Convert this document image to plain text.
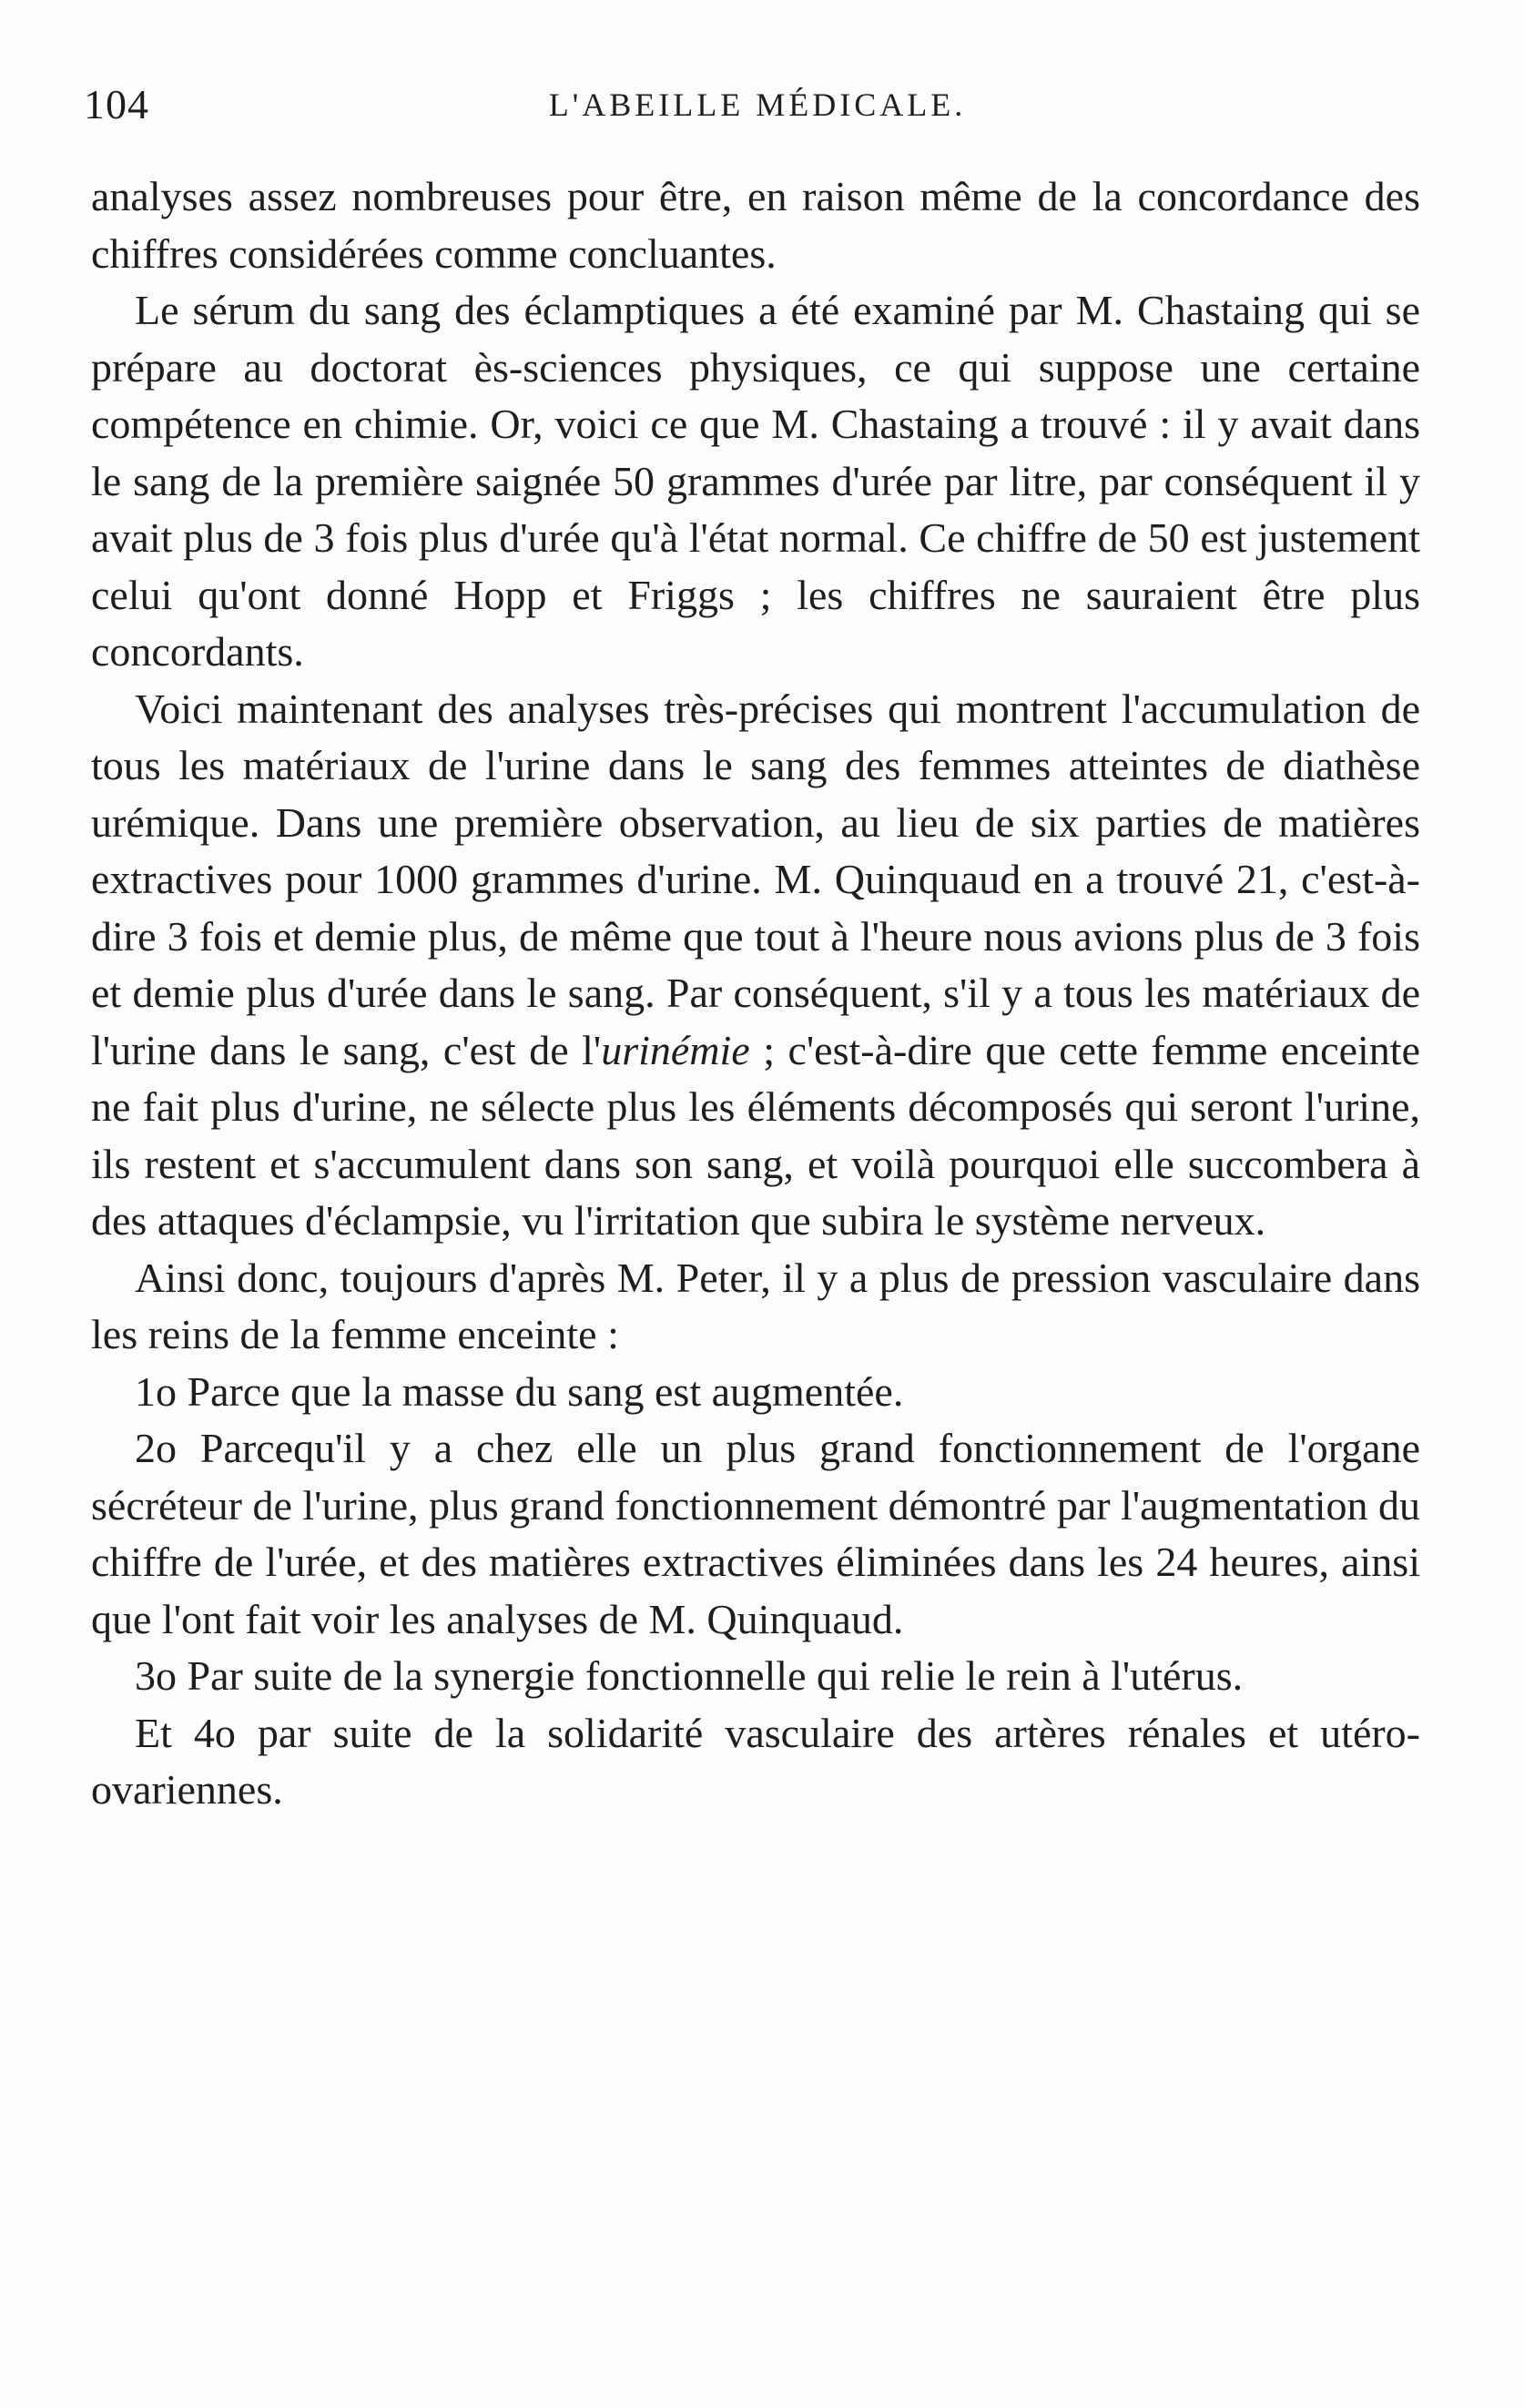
104	L'ABEILLE MÉDICALE.

analyses assez nombreuses pour être, en raison même de la concordance des chiffres considérées comme concluantes.

Le sérum du sang des éclamptiques a été examiné par M. Chastaing qui se prépare au doctorat ès-sciences physiques, ce qui suppose une certaine compétence en chimie. Or, voici ce que M. Chastaing a trouvé : il y avait dans le sang de la première saignée 50 grammes d'urée par litre, par conséquent il y avait plus de 3 fois plus d'urée qu'à l'état normal. Ce chiffre de 50 est justement celui qu'ont donné Hopp et Friggs ; les chiffres ne sauraient être plus concordants.

Voici maintenant des analyses très-précises qui montrent l'accumulation de tous les matériaux de l'urine dans le sang des femmes atteintes de diathèse urémique. Dans une première observation, au lieu de six parties de matières extractives pour 1000 grammes d'urine. M. Quinquaud en a trouvé 21, c'est-à-dire 3 fois et demie plus, de même que tout à l'heure nous avions plus de 3 fois et demie plus d'urée dans le sang. Par conséquent, s'il y a tous les matériaux de l'urine dans le sang, c'est de l'urinémie ; c'est-à-dire que cette femme enceinte ne fait plus d'urine, ne sélecte plus les éléments décomposés qui seront l'urine, ils restent et s'accumulent dans son sang, et voilà pourquoi elle succombera à des attaques d'éclampsie, vu l'irritation que subira le système nerveux.

Ainsi donc, toujours d'après M. Peter, il y a plus de pression vasculaire dans les reins de la femme enceinte :

1o Parce que la masse du sang est augmentée.

2o Parcequ'il y a chez elle un plus grand fonctionnement de l'organe sécréteur de l'urine, plus grand fonctionnement démontré par l'augmentation du chiffre de l'urée, et des matières extractives éliminées dans les 24 heures, ainsi que l'ont fait voir les analyses de M. Quinquaud.

3o Par suite de la synergie fonctionnelle qui relie le rein à l'utérus.

Et 4o par suite de la solidarité vasculaire des artères rénales et utéro-ovariennes.
